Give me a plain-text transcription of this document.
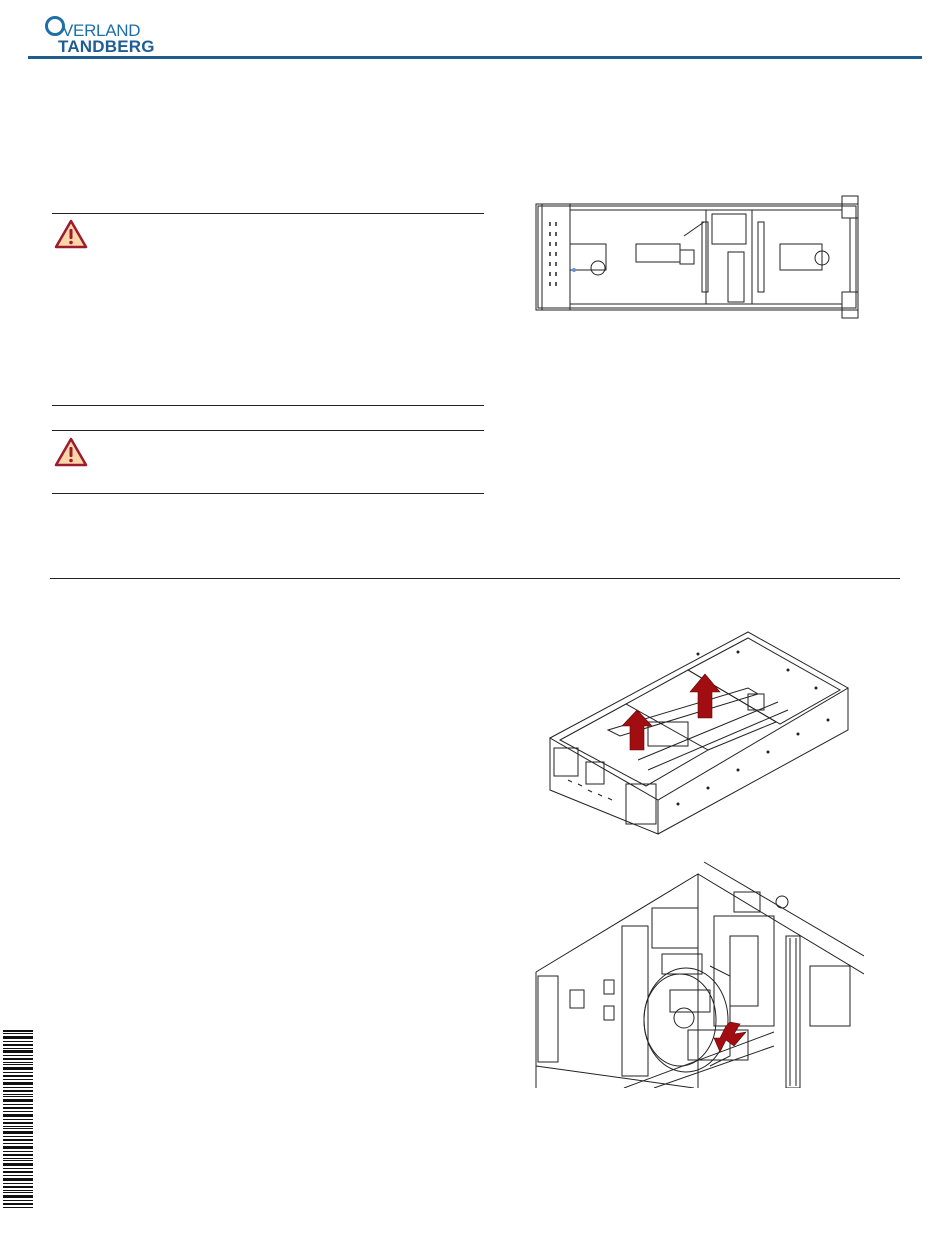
VERLAND
TANDBERG
